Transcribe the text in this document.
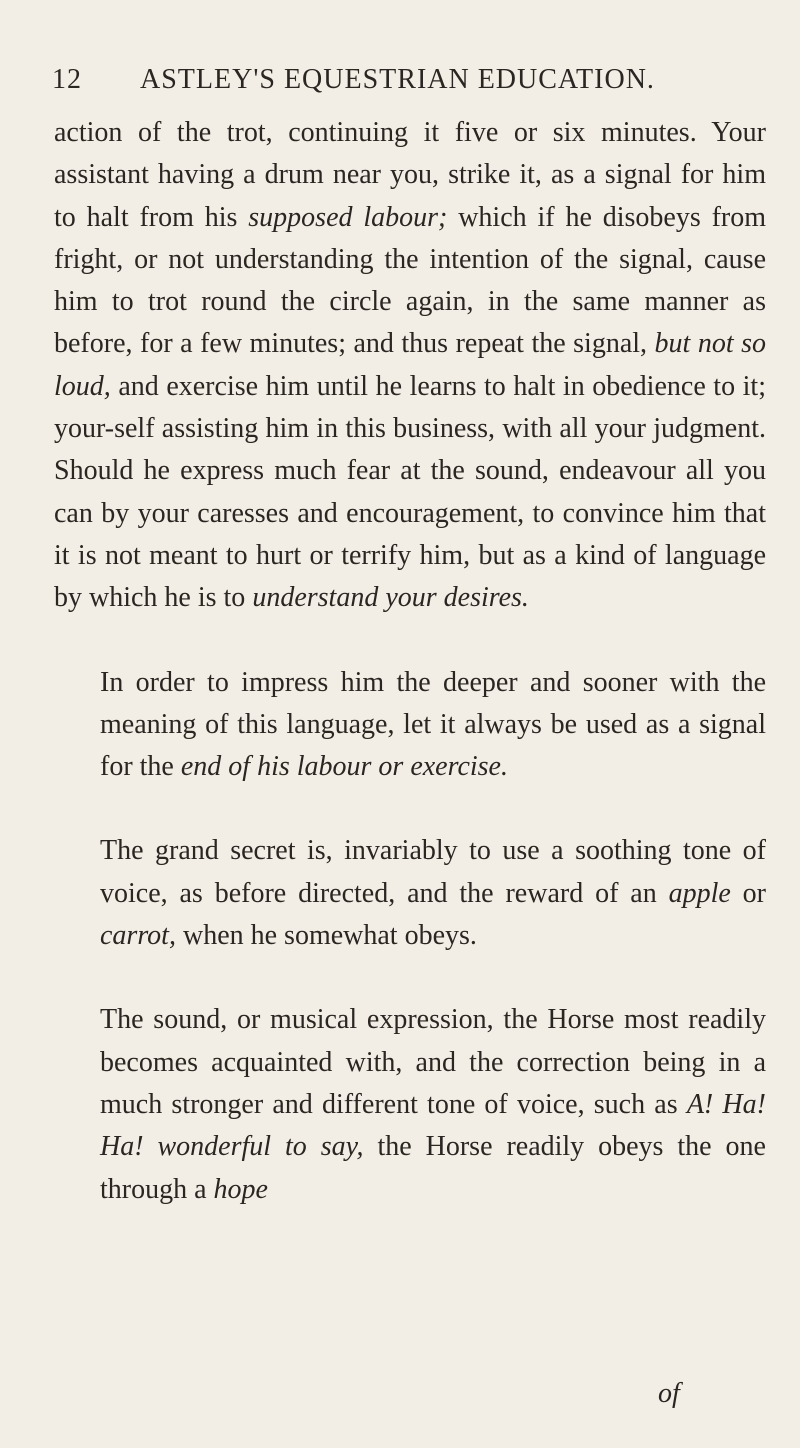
12 ASTLEY'S EQUESTRIAN EDUCATION.

action of the trot, continuing it five or six minutes. Your assistant having a drum near you, strike it, as a signal for him to halt from his supposed labour; which if he disobeys from fright, or not understanding the intention of the signal, cause him to trot round the circle again, in the same manner as before, for a few minutes; and thus repeat the signal, but not so loud, and exercise him until he learns to halt in obedience to it; your-self assisting him in this business, with all your judgment. Should he express much fear at the sound, endeavour all you can by your caresses and encouragement, to convince him that it is not meant to hurt or terrify him, but as a kind of language by which he is to understand your desires.

In order to impress him the deeper and sooner with the meaning of this language, let it always be used as a signal for the end of his labour or exercise.

The grand secret is, invariably to use a soothing tone of voice, as before directed, and the reward of an apple or carrot, when he somewhat obeys.

The sound, or musical expression, the Horse most readily becomes acquainted with, and the correction being in a much stronger and different tone of voice, such as A! Ha! Ha! wonderful to say, the Horse readily obeys the one through a hope

of
